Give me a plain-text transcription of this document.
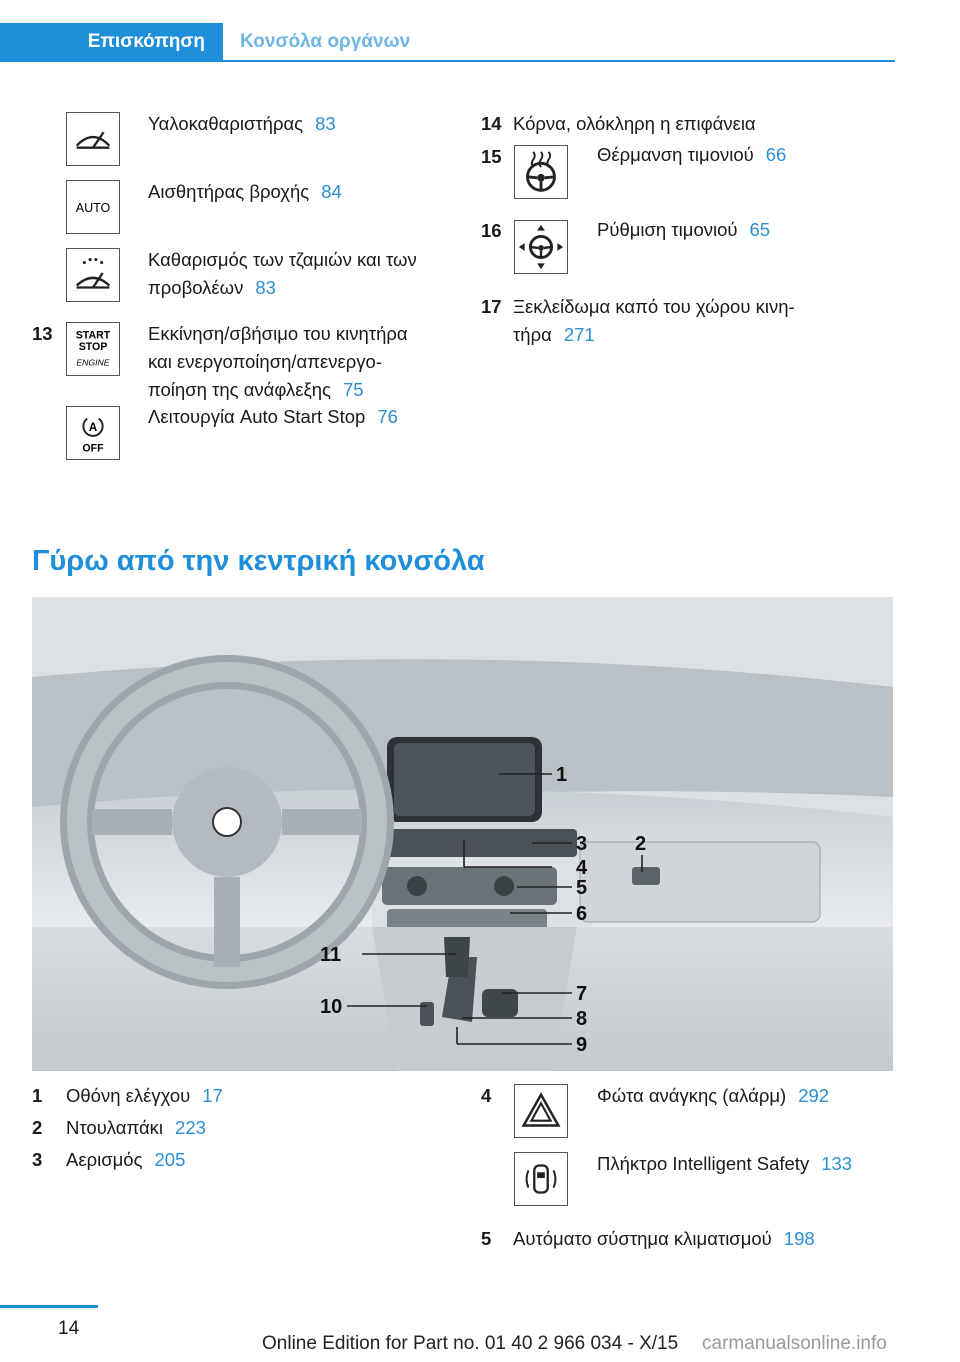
Επισκόπηση	Κονσόλα οργάνων
Υαλοκαθαριστήρας 83
AUTO
Αισθητήρας βροχής 84
Καθαρισμός των τζαμιών και των
προβολέων 83
13 START
STOP
ENGINE
Εκκίνηση/σβήσιμο του κινητήρα
και ενεργοποίηση/απενεργο-
ποίηση της ανάφλεξης 75
A
OFF
Λειτουργία Auto Start Stop 76
14 Κόρνα, ολόκληρη η επιφάνεια
15	Θέρμανση τιμονιού 66
16	Ρύθμιση τιμονιού 65
17 Ξεκλείδωμα καπό του χώρου κινη-
τήρα 271
Γύρω από την κεντρική κονσόλα
1
2
3
4
5
6
7
8
9
10
11
1 Οθόνη ελέγχου 17
2 Ντουλαπάκι 223
3 Αερισμός 205
4	Φώτα ανάγκης (αλάρμ) 292
Πλήκτρο Intelligent Safety 133
5 Αυτόματο σύστημα κλιματισμού 198
14
Online Edition for Part no. 01 40 2 966 034 - X/15 carmanualsonline.info
